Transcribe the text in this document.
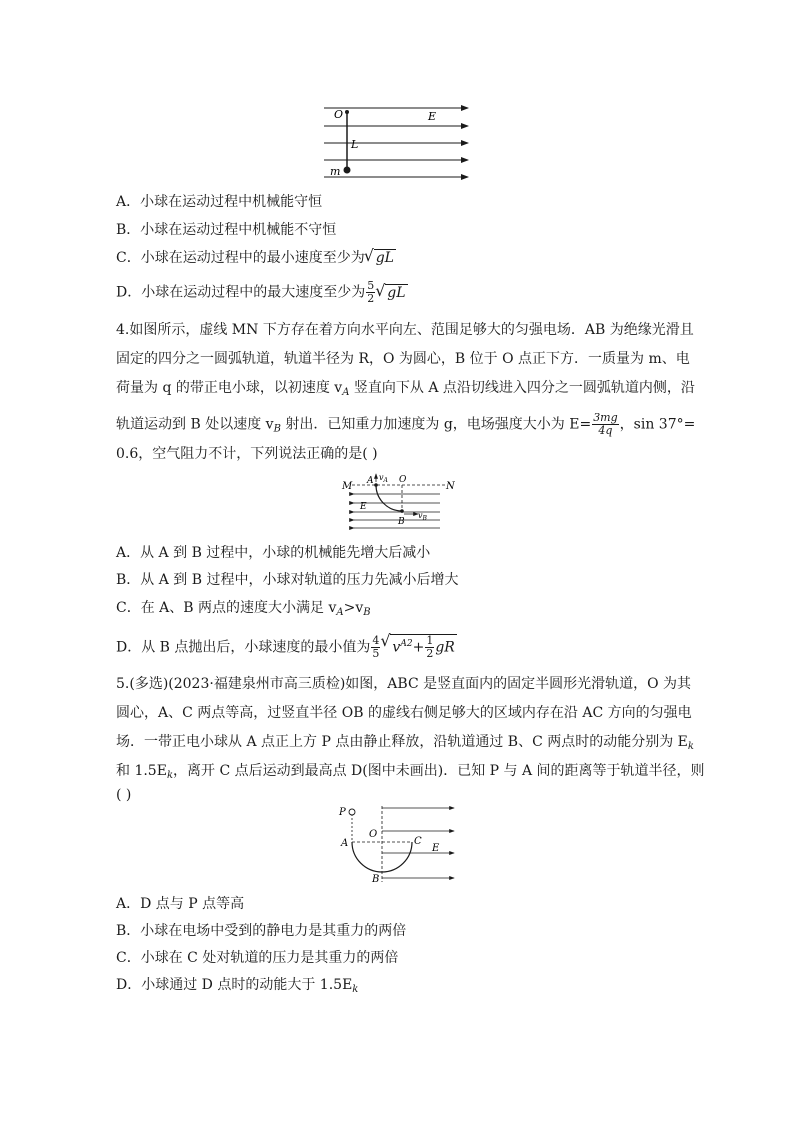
O	E
L
m
A．小球在运动过程中机械能守恒
B．小球在运动过程中机械能不守恒
C．小球在运动过程中的最小速度至少为 √ gL
D．小球在运动过程中的最大速度至少为 $\frac{5}{2}$ √ gL
4.如图所示，虚线 MN 下方存在着方向水平向左、范围足够大的匀强电场．AB 为绝缘光滑且
固定的四分之一圆弧轨道，轨道半径为 R，O 为圆心，B 位于 O 点正下方．一质量为 m、电
荷量为 q 的带正电小球，以初速度 $v_A$ 竖直向下从 A 点沿切线进入四分之一圆弧轨道内侧，沿
轨道运动到 B 处以速度 $v_B$ 射出．已知重力加速度为 g，电场强度大小为 $E= \frac{3mg}{4q}$ ，sin 37°=
0.6，空气阻力不计，下列说法正确的是( )
M	N
A $v_A$ O
E
B
$v_B$
A．从 A 到 B 过程中，小球的机械能先增大后减小
B．从 A 到 B 过程中，小球对轨道的压力先减小后增大
C．在 A、B 两点的速度大小满足 $v_A>v_B$
D．从 B 点抛出后，小球速度的最小值为 $\frac{4}{5}$ √ $v^{A2}+ \frac{1}{2}$ gR
5.(多选)(2023·福建泉州市高三质检)如图，ABC 是竖直面内的固定半圆形光滑轨道，O 为其
圆心，A、C 两点等高，过竖直半径 OB 的虚线右侧足够大的区域内存在沿 AC 方向的匀强电
场．一带正电小球从 A 点正上方 P 点由静止释放，沿轨道通过 B、C 两点时的动能分别为 $E_k$
和 $1.5E_k$，离开 C 点后运动到最高点 D(图中未画出)．已知 P 与 A 间的距离等于轨道半径，则
( )
P
O
A	C
E
B
A．D 点与 P 点等高
B．小球在电场中受到的静电力是其重力的两倍
C．小球在 C 处对轨道的压力是其重力的两倍
D．小球通过 D 点时的动能大于 $1.5E_k$
